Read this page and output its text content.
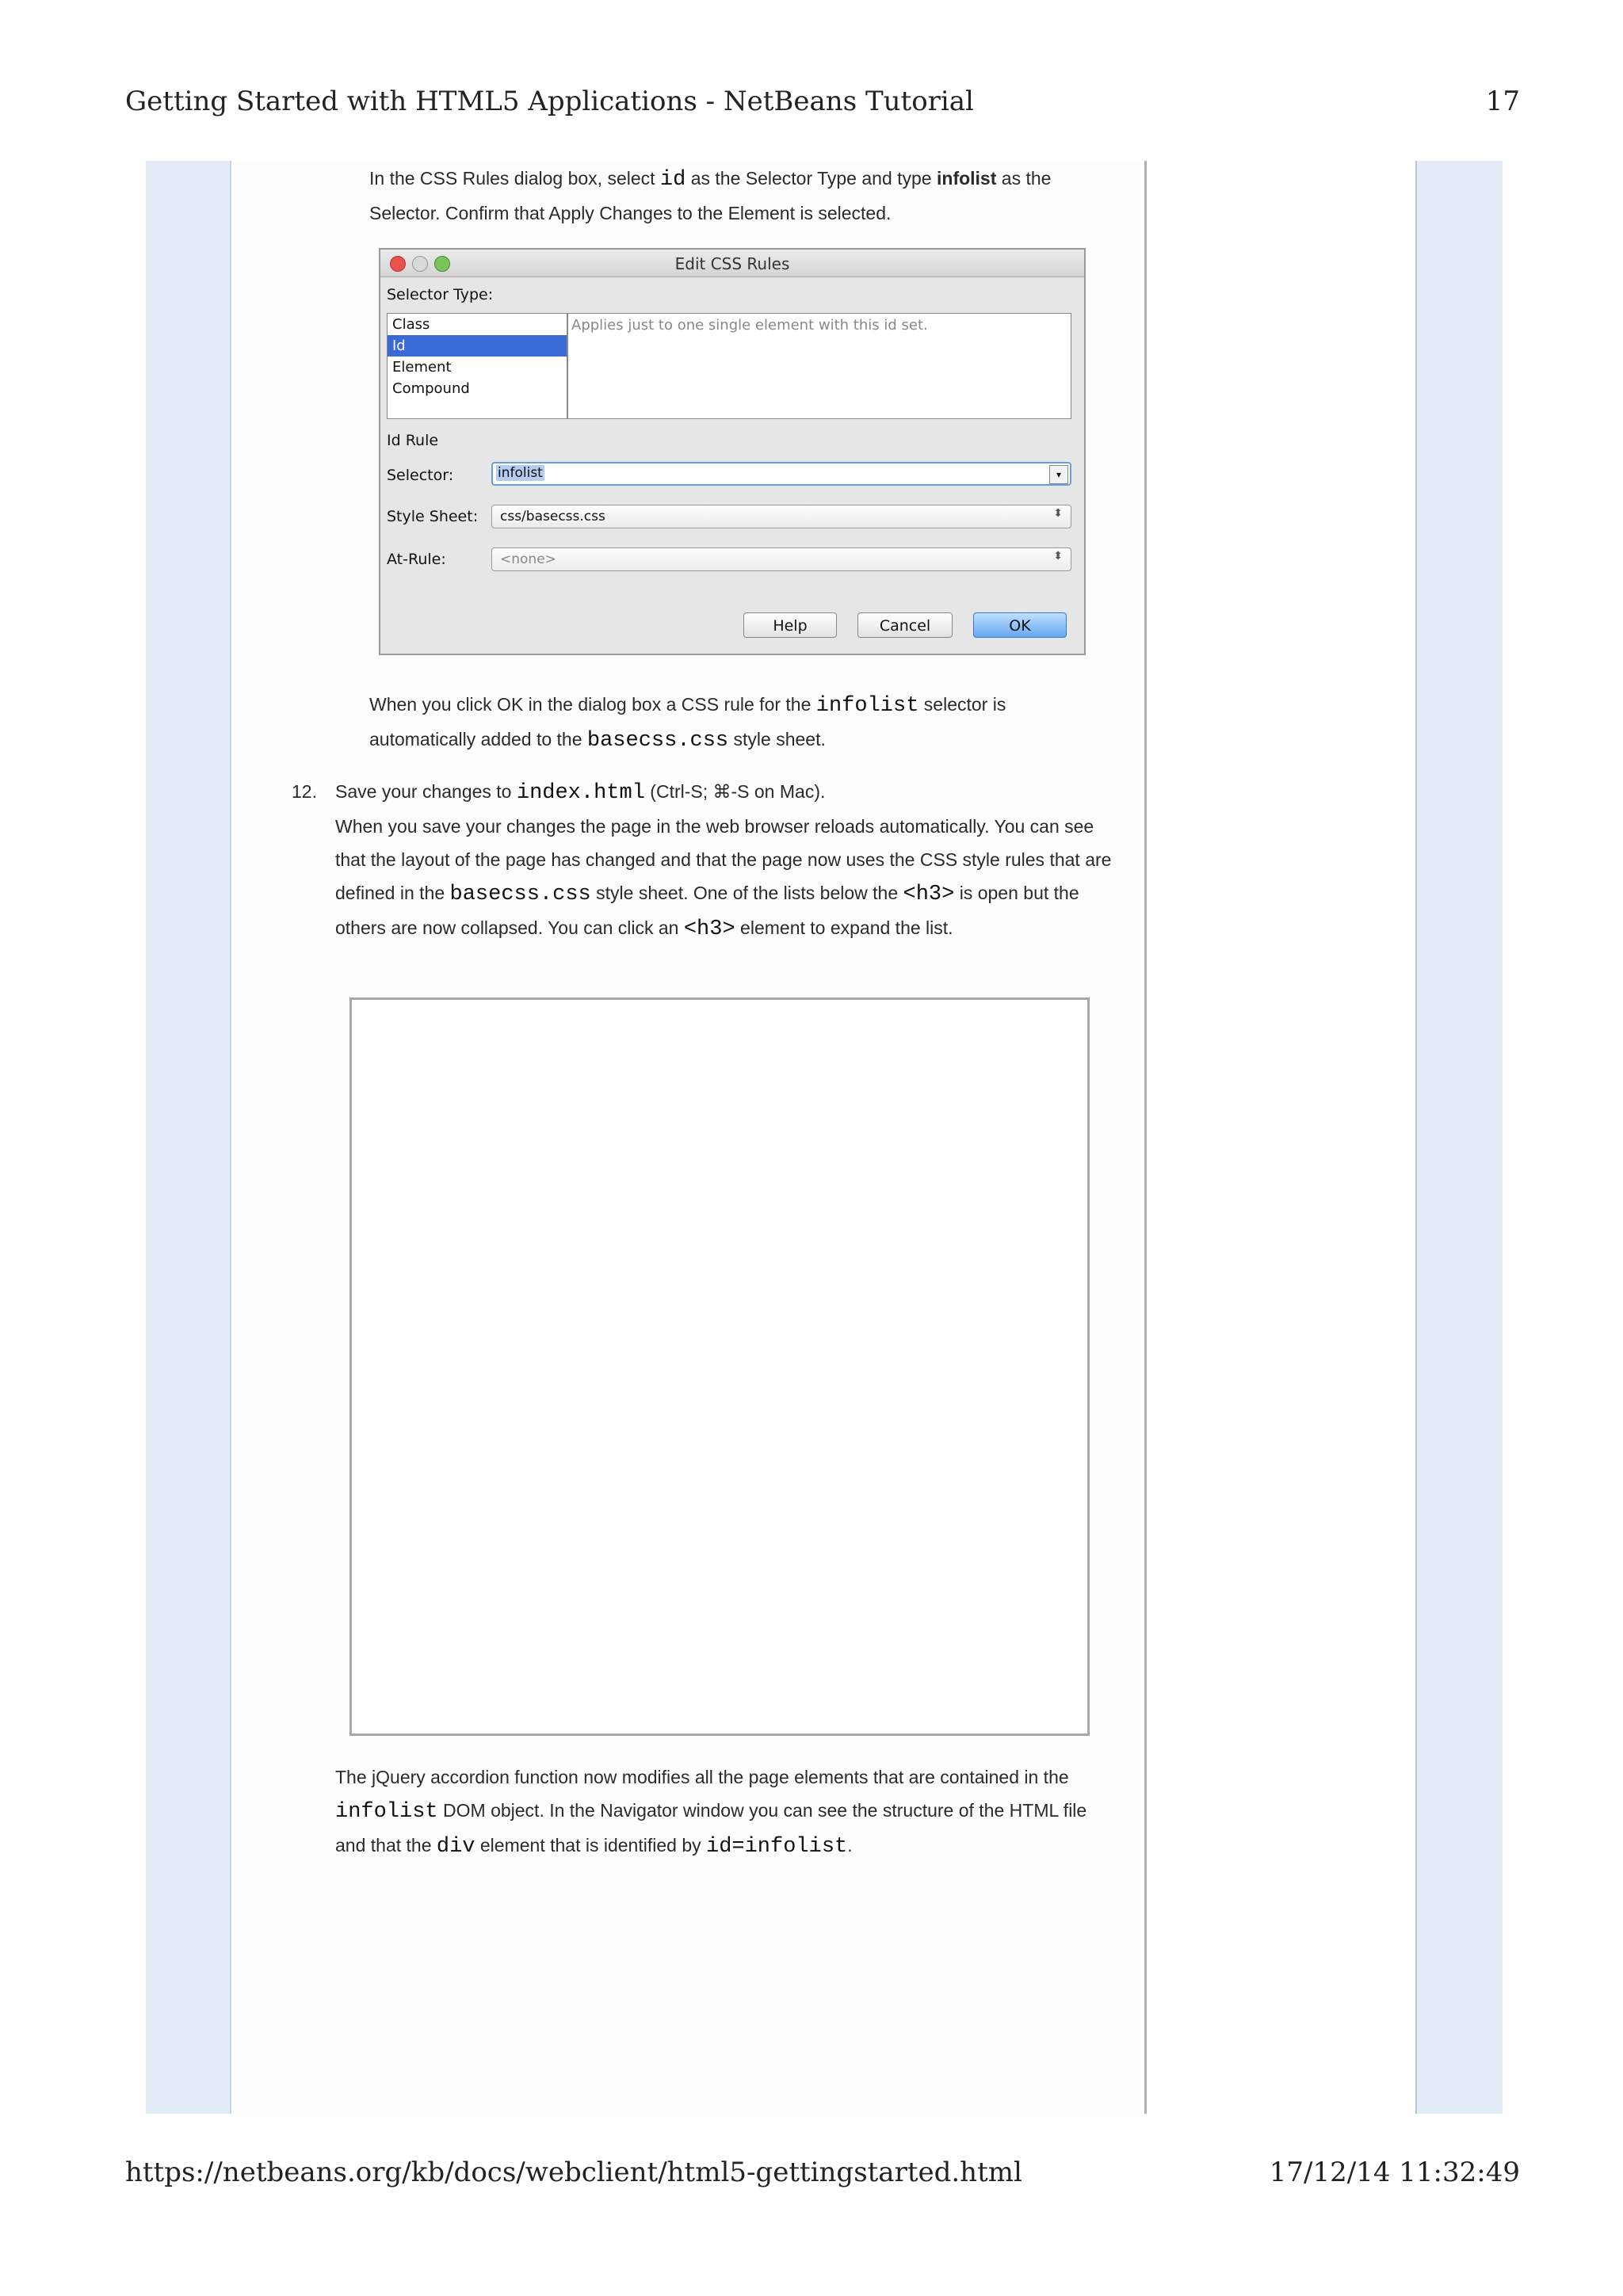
Getting Started with HTML5 Applications - NetBeans Tutorial	17
In the CSS Rules dialog box, select id as the Selector Type and type infolist as the Selector. Confirm that Apply Changes to the Element is selected.
Edit CSS Rules
Selector Type:
Class
Id
Element
Compound
Applies just to one single element with this id set.
Id Rule
Selector:	infolist	▾
Style Sheet: css/basecss.css	⬍
At-Rule:	<none>	⬍
Help	Cancel	OK
When you click OK in the dialog box a CSS rule for the infolist selector is automatically added to the basecss.css style sheet.
12. Save your changes to index.html (Ctrl-S; ⌘-S on Mac).
When you save your changes the page in the web browser reloads automatically. You can see that the layout of the page has changed and that the page now uses the CSS style rules that are defined in the basecss.css style sheet. One of the lists below the <h3> is open but the others are now collapsed. You can click an <h3> element to expand the list.
The jQuery accordion function now modifies all the page elements that are contained in the infolist DOM object. In the Navigator window you can see the structure of the HTML file and that the div element that is identified by id=infolist.
https://netbeans.org/kb/docs/webclient/html5-gettingstarted.html	17/12/14 11:32:49
